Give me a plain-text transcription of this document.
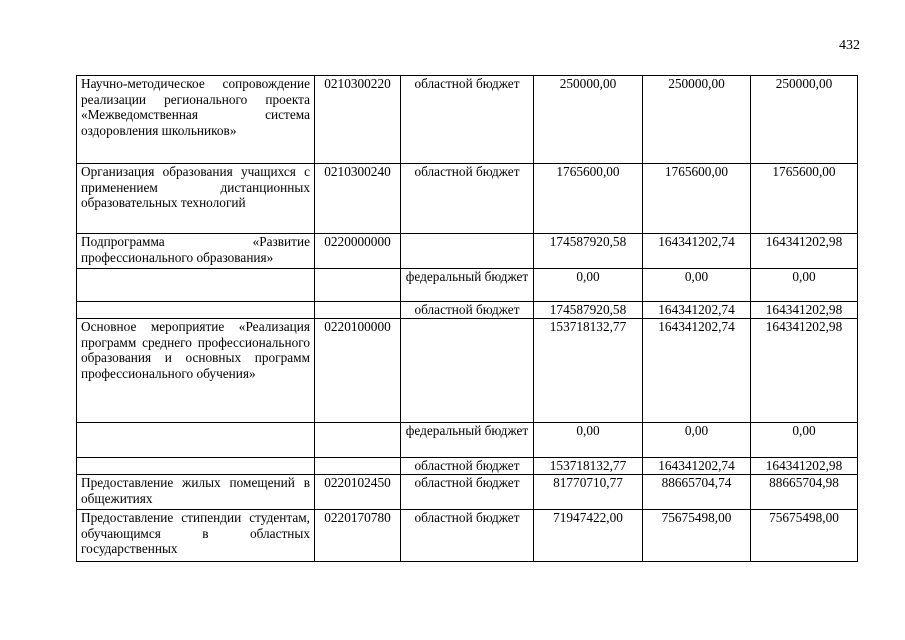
432
Научно-методическое сопровождение реализации регионального проекта «Межведомственная система оздоровления школьников»	0210300220	областной бюджет	250000,00	250000,00	250000,00
Организация образования учащихся с применением дистанционных образовательных технологий	0210300240	областной бюджет	1765600,00	1765600,00	1765600,00
Подпрограмма «Развитие профессионального образования»	0220000000		174587920,58	164341202,74	164341202,98
		федеральный бюджет	0,00	0,00	0,00
		областной бюджет	174587920,58	164341202,74	164341202,98
Основное мероприятие «Реализация программ среднего профессионального образования и основных программ профессионального обучения»	0220100000		153718132,77	164341202,74	164341202,98
		федеральный бюджет	0,00	0,00	0,00
		областной бюджет	153718132,77	164341202,74	164341202,98
Предоставление жилых помещений в общежитиях	0220102450	областной бюджет	81770710,77	88665704,74	88665704,98
Предоставление стипендии студентам, обучающимся в областных государственных	0220170780	областной бюджет	71947422,00	75675498,00	75675498,00
